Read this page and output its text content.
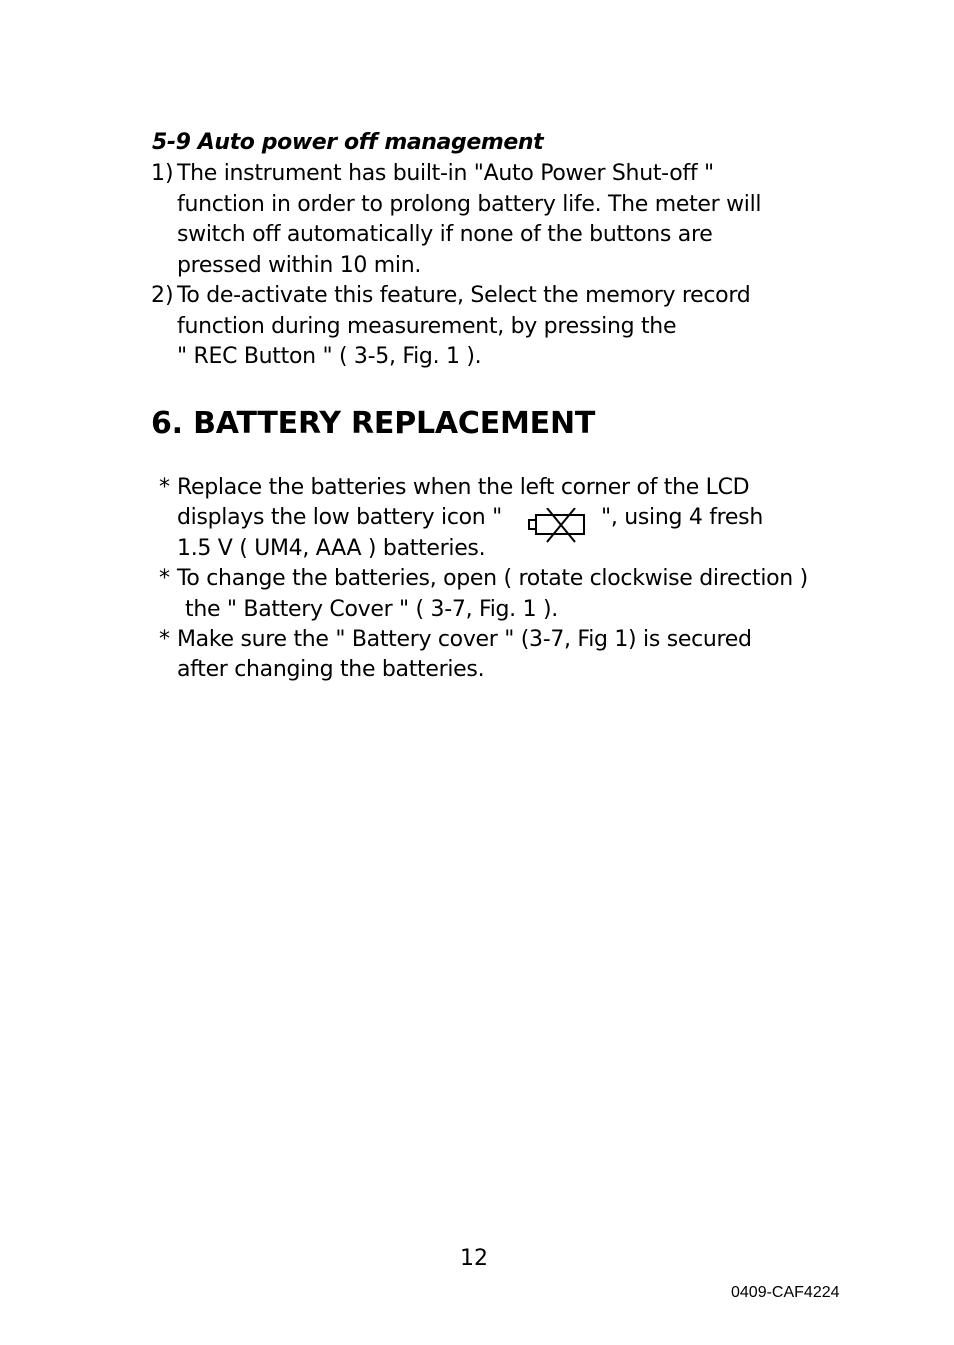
5-9 Auto power off management
1) The instrument has built-in "Auto Power Shut-off "
function in order to prolong battery life. The meter will
switch off automatically if none of the buttons are
pressed within 10 min.
2) To de-activate this feature, Select the memory record
function during measurement, by pressing the
" REC Button " ( 3-5, Fig. 1 ).
6. BATTERY REPLACEMENT
* Replace the batteries when the left corner of the LCD
displays the low battery icon "	", using 4 fresh
1.5 V ( UM4, AAA ) batteries.
* To change the batteries, open ( rotate clockwise direction )
the " Battery Cover " ( 3-7, Fig. 1 ).
* Make sure the " Battery cover " (3-7, Fig 1) is secured
after changing the batteries.
12
0409-CAF4224
